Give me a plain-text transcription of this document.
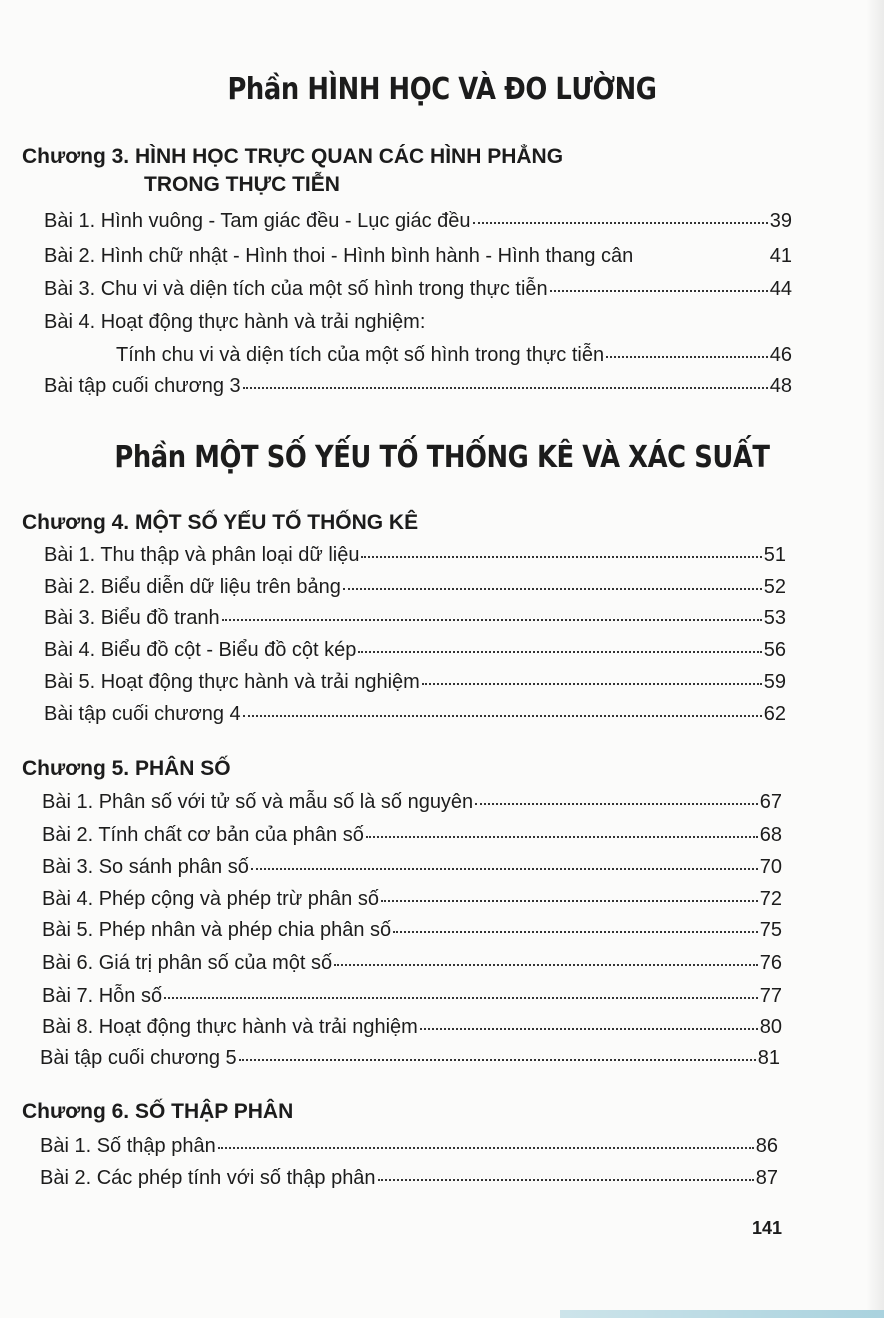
Phần HÌNH HỌC VÀ ĐO LƯỜNG
Chương 3. HÌNH HỌC TRỰC QUAN CÁC HÌNH PHẲNG
TRONG THỰC TIỄN
Bài 1. Hình vuông - Tam giác đều - Lục giác đều	39
Bài 2. Hình chữ nhật - Hình thoi - Hình bình hành - Hình thang cân	41
Bài 3. Chu vi và diện tích của một số hình trong thực tiễn	44
Bài 4. Hoạt động thực hành và trải nghiệm:
Tính chu vi và diện tích của một số hình trong thực tiễn	46
Bài tập cuối chương 3	48
Phần MỘT SỐ YẾU TỐ THỐNG KÊ VÀ XÁC SUẤT
Chương 4. MỘT SỐ YẾU TỐ THỐNG KÊ
Bài 1. Thu thập và phân loại dữ liệu	51
Bài 2. Biểu diễn dữ liệu trên bảng	52
Bài 3. Biểu đồ tranh	53
Bài 4. Biểu đồ cột - Biểu đồ cột kép	56
Bài 5. Hoạt động thực hành và trải nghiệm	59
Bài tập cuối chương 4	62
Chương 5. PHÂN SỐ
Bài 1. Phân số với tử số và mẫu số là số nguyên	67
Bài 2. Tính chất cơ bản của phân số	68
Bài 3. So sánh phân số	70
Bài 4. Phép cộng và phép trừ phân số	72
Bài 5. Phép nhân và phép chia phân số	75
Bài 6. Giá trị phân số của một số	76
Bài 7. Hỗn số	77
Bài 8. Hoạt động thực hành và trải nghiệm	80
Bài tập cuối chương 5	81
Chương 6. SỐ THẬP PHÂN
Bài 1. Số thập phân	86
Bài 2. Các phép tính với số thập phân	87
141
